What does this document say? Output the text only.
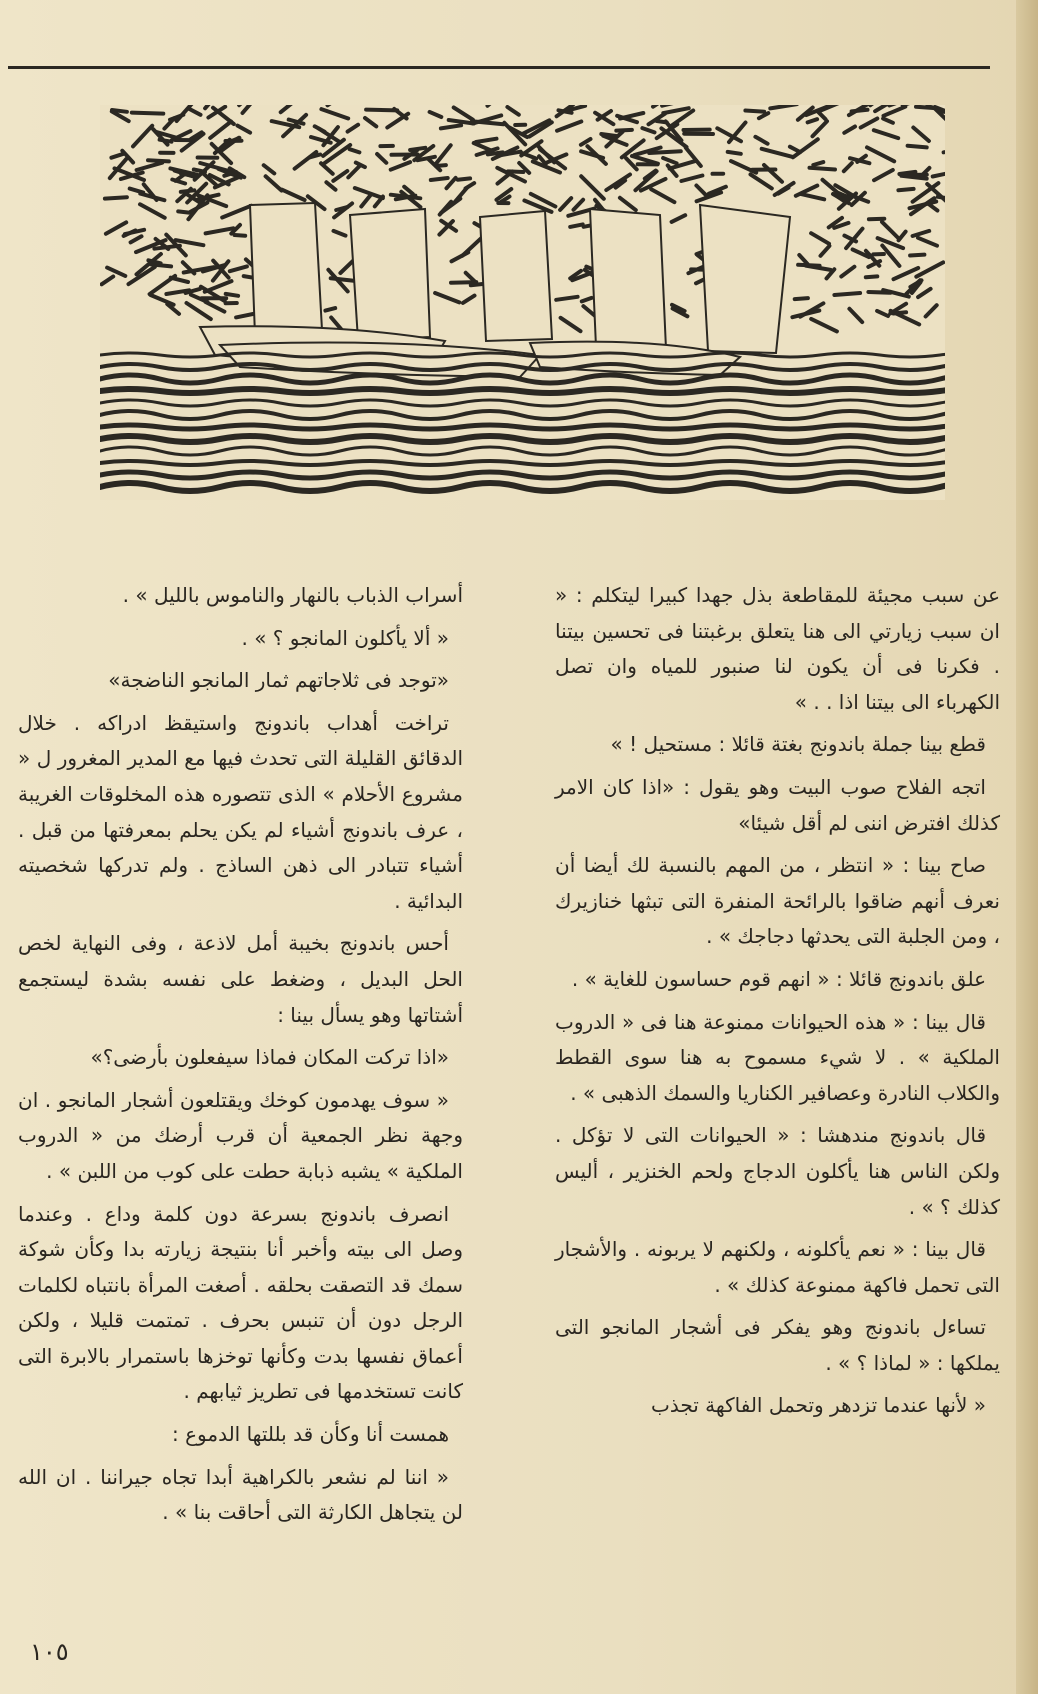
عن سبب مجيئة للمقاطعة بذل جهدا كبيرا ليتكلم : « ان سبب زيارتي الى هنا يتعلق برغبتنا فى تحسين بيتنا . فكرنا فى أن يكون لنا صنبور للمياه وان تصل الكهرباء الى بيتنا اذا . . »

قطع بينا جملة باندونج بغتة قائلا : مستحيل ! »

اتجه الفلاح صوب البيت وهو يقول : «اذا كان الامر كذلك افترض اننى لم أقل شيئا»

صاح بينا : « انتظر ، من المهم بالنسبة لك أيضا أن نعرف أنهم ضاقوا بالرائحة المنفرة التى تبثها خنازيرك ، ومن الجلبة التى يحدثها دجاجك » .

علق باندونج قائلا : « انهم قوم حساسون للغاية » .

قال بينا : « هذه الحيوانات ممنوعة هنا فى « الدروب الملكية » . لا شيء مسموح به هنا سوى القطط والكلاب النادرة وعصافير الكناريا والسمك الذهبى » .

قال باندونج مندهشا : « الحيوانات التى لا تؤكل . ولكن الناس هنا يأكلون الدجاج ولحم الخنزير ، أليس كذلك ؟ » .

قال بينا : « نعم يأكلونه ، ولكنهم لا يربونه . والأشجار التى تحمل فاكهة ممنوعة كذلك » .

تساءل باندونج وهو يفكر فى أشجار المانجو التى يملكها : « لماذا ؟ » .

« لأنها عندما تزدهر وتحمل الفاكهة تجذب

أسراب الذباب بالنهار والناموس بالليل » .

« ألا يأكلون المانجو ؟ » .

«توجد فى ثلاجاتهم ثمار المانجو الناضجة»

تراخت أهداب باندونج واستيقظ ادراكه . خلال الدقائق القليلة التى تحدث فيها مع المدير المغرور ل « مشروع الأحلام » الذى تتصوره هذه المخلوقات الغريبة ، عرف باندونج أشياء لم يكن يحلم بمعرفتها من قبل . أشياء تتبادر الى ذهن الساذج . ولم تدركها شخصيته البدائية .

أحس باندونج بخيبة أمل لاذعة ، وفى النهاية لخص الحل البديل ، وضغط على نفسه بشدة ليستجمع أشتاتها وهو يسأل بينا :

«اذا تركت المكان فماذا سيفعلون بأرضى؟»

« سوف يهدمون كوخك ويقتلعون أشجار المانجو . ان وجهة نظر الجمعية أن قرب أرضك من « الدروب الملكية » يشبه ذبابة حطت على كوب من اللبن » .

انصرف باندونج بسرعة دون كلمة وداع . وعندما وصل الى بيته وأخبر أنا بنتيجة زيارته بدا وكأن شوكة سمك قد التصقت بحلقه . أصغت المرأة بانتباه لكلمات الرجل دون أن تنبس بحرف . تمتمت قليلا ، ولكن أعماق نفسها بدت وكأنها توخزها باستمرار بالابرة التى كانت تستخدمها فى تطريز ثيابهم .

همست أنا وكأن قد بللتها الدموع :

« اننا لم نشعر بالكراهية أبدا تجاه جيراننا . ان الله لن يتجاهل الكارثة التى أحاقت بنا » .

١٠٥
